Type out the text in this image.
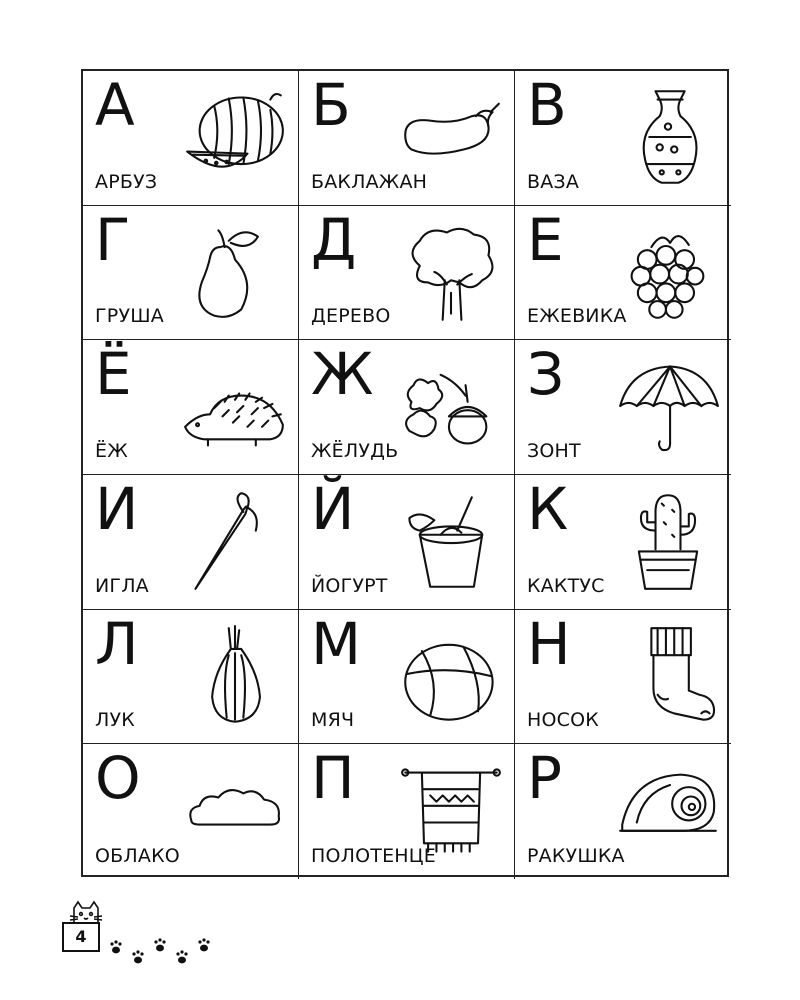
А
АРБУЗ
Б
БАКЛАЖАН
В
ВАЗА
Г
ГРУША
Д
ДЕРЕВО
Е
ЕЖЕВИКА
Ё
ЁЖ
Ж
ЖЁЛУДЬ
З
ЗОНТ
И
ИГЛА
Й
ЙОГУРТ
К
КАКТУС
Л
ЛУК
М
МЯЧ
Н
НОСОК
О
ОБЛАКО
П
ПОЛОТЕНЦЕ
Р
РАКУШКА
4
